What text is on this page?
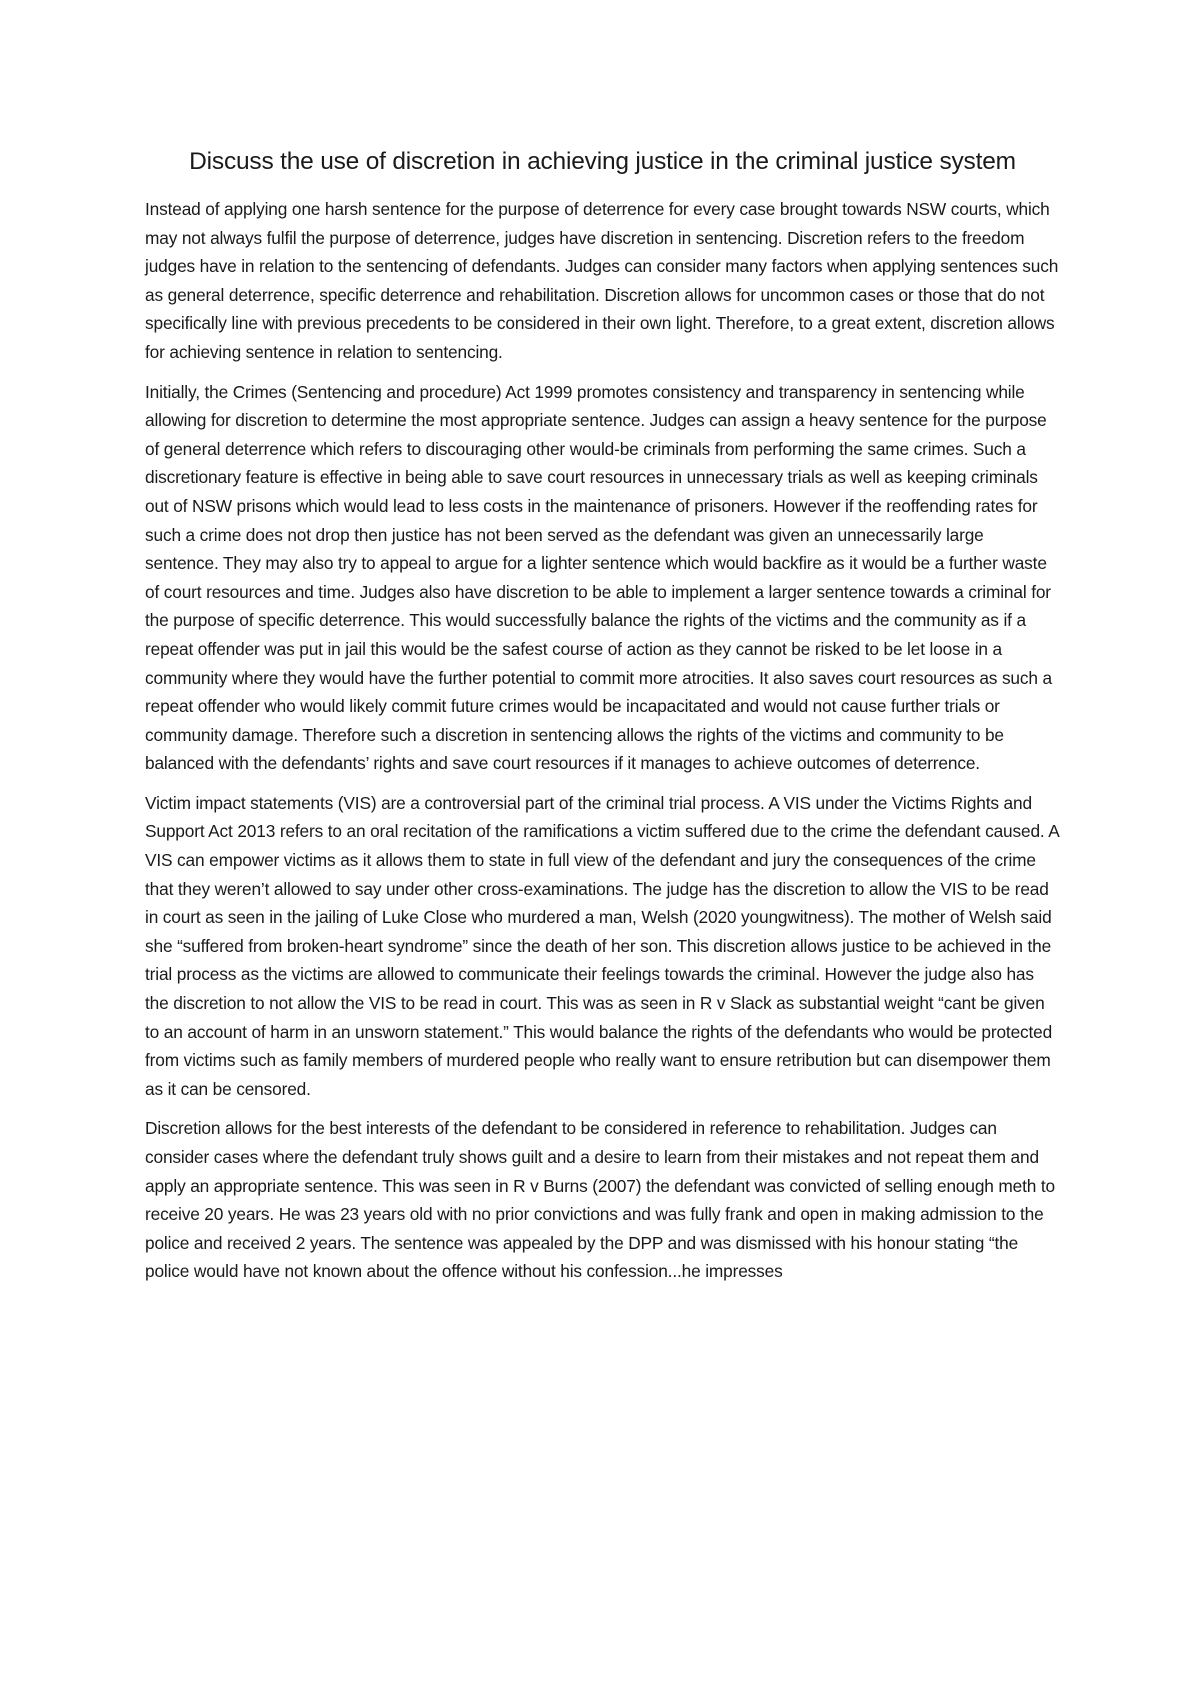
Discuss the use of discretion in achieving justice in the criminal justice system

Instead of applying one harsh sentence for the purpose of deterrence for every case brought towards NSW courts, which may not always fulfil the purpose of deterrence, judges have discretion in sentencing. Discretion refers to the freedom judges have in relation to the sentencing of defendants. Judges can consider many factors when applying sentences such as general deterrence, specific deterrence and rehabilitation. Discretion allows for uncommon cases or those that do not specifically line with previous precedents to be considered in their own light. Therefore, to a great extent, discretion allows for achieving sentence in relation to sentencing.

Initially, the Crimes (Sentencing and procedure) Act 1999 promotes consistency and transparency in sentencing while allowing for discretion to determine the most appropriate sentence. Judges can assign a heavy sentence for the purpose of general deterrence which refers to discouraging other would-be criminals from performing the same crimes. Such a discretionary feature is effective in being able to save court resources in unnecessary trials as well as keeping criminals out of NSW prisons which would lead to less costs in the maintenance of prisoners. However if the reoffending rates for such a crime does not drop then justice has not been served as the defendant was given an unnecessarily large sentence. They may also try to appeal to argue for a lighter sentence which would backfire as it would be a further waste of court resources and time. Judges also have discretion to be able to implement a larger sentence towards a criminal for the purpose of specific deterrence. This would successfully balance the rights of the victims and the community as if a repeat offender was put in jail this would be the safest course of action as they cannot be risked to be let loose in a community where they would have the further potential to commit more atrocities. It also saves court resources as such a repeat offender who would likely commit future crimes would be incapacitated and would not cause further trials or community damage. Therefore such a discretion in sentencing allows the rights of the victims and community to be balanced with the defendants’ rights and save court resources if it manages to achieve outcomes of deterrence.

Victim impact statements (VIS) are a controversial part of the criminal trial process. A VIS under the Victims Rights and Support Act 2013 refers to an oral recitation of the ramifications a victim suffered due to the crime the defendant caused. A VIS can empower victims as it allows them to state in full view of the defendant and jury the consequences of the crime that they weren’t allowed to say under other cross-examinations. The judge has the discretion to allow the VIS to be read in court as seen in the jailing of Luke Close who murdered a man, Welsh (2020 youngwitness). The mother of Welsh said she “suffered from broken-heart syndrome” since the death of her son. This discretion allows justice to be achieved in the trial process as the victims are allowed to communicate their feelings towards the criminal. However the judge also has the discretion to not allow the VIS to be read in court. This was as seen in R v Slack as substantial weight “cant be given to an account of harm in an unsworn statement.” This would balance the rights of the defendants who would be protected from victims such as family members of murdered people who really want to ensure retribution but can disempower them as it can be censored.

Discretion allows for the best interests of the defendant to be considered in reference to rehabilitation. Judges can consider cases where the defendant truly shows guilt and a desire to learn from their mistakes and not repeat them and apply an appropriate sentence. This was seen in R v Burns (2007) the defendant was convicted of selling enough meth to receive 20 years. He was 23 years old with no prior convictions and was fully frank and open in making admission to the police and received 2 years. The sentence was appealed by the DPP and was dismissed with his honour stating “the police would have not known about the offence without his confession...he impresses
